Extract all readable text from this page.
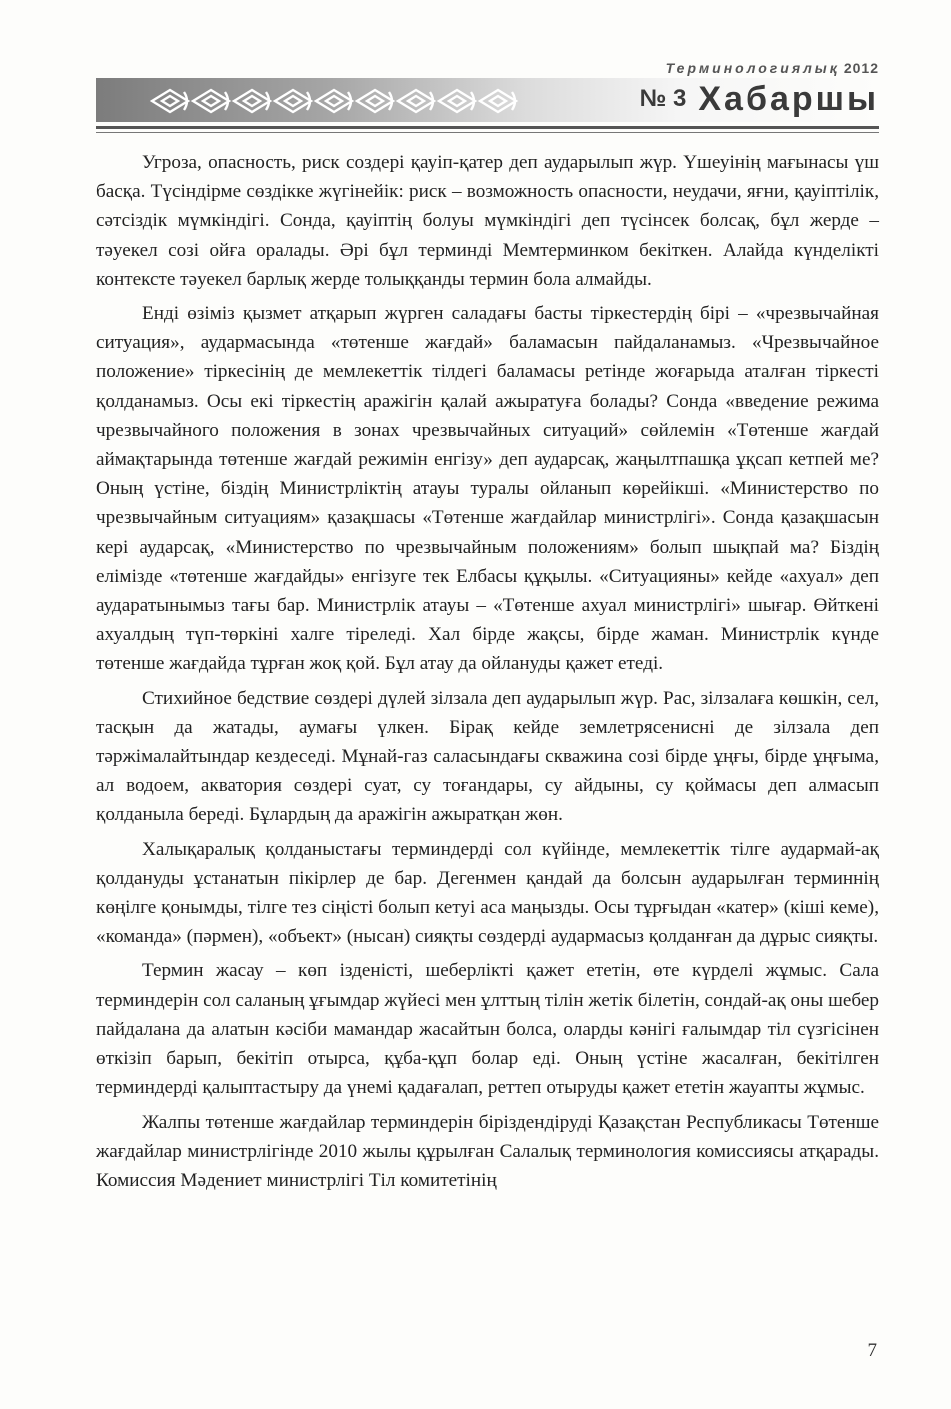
Терминологиялық 2012
№ 3 Хабаршы

Угроза, опасность, риск создері қауіп-қатер деп аударылып жүр. Үшеуінің мағынасы үш басқа. Түсіндірме сөздікке жүгінейік: риск – возможность опасности, неудачи, яғни, қауіптілік, сәтсіздік мүмкіндігі. Сонда, қауіптің болуы мүмкіндігі деп түсінсек болсақ, бұл жерде – тәуекел созі ойға оралады. Әрі бұл терминді Мемтерминком бекіткен. Алайда күнделікті контекстe тәуекел барлық жердe толыққанды термин бола алмайды.

Енді өзіміз қызмет атқарып жүрген саладағы басты тіркестердің бірі – «чрезвычайная ситуация», аудармасында «төтенше жағдай» баламасын пайдаланамыз. «Чрезвычайное положение» тіркесінің де мемлекеттік тілдегі баламасы ретінде жоғарыда аталған тіркесті қолданамыз. Осы екі тіркестің аражігін қалай ажыратуға болады? Сонда «введение режима чрезвычайного положения в зонах чрезвычайных ситуаций» сөйлемін «Төтенше жағдай аймақтарында төтенше жағдай режимін енгізу» деп аударсақ, жаңылтпашқа ұқсап кетпей ме? Оның үстіне, біздің Министрліктің атауы туралы ойланып көрейікші. «Министерство по чрезвычайным ситуациям» қазақшасы «Төтенше жағдайлар министрлігі». Сонда қазақшасын кері аударсақ, «Министерство по чрезвычайным положениям» болып шықпай ма? Біздің еліміздe «төтенше жағдайды» енгізуге тек Елбасы құқылы. «Ситуацияны» кейде «ахуал» деп аударатынымыз тағы бар. Министрлік атауы – «Төтенше ахуал министрлігі» шығар. Өйткені ахуалдың түп-төркіні халге тіреледі. Хал бірде жақсы, бірде жаман. Министрлік күнде төтенше жағдайда тұрған жоқ қой. Бұл атау да ойлануды қажет етеді.

Стихийное бедствие сөздері дүлей зілзала деп аударылып жүр. Рас, зілзалаға көшкін, сел, тасқын да жатады, аумағы үлкен. Бірақ кейде землетрясенисні де зілзала деп тәржімалайтындар кездеседі. Мұнай-газ саласындағы скважина созі бірде ұңғы, бірде ұңғыма, ал водоем, акватория сөздері суат, су тоғандары, су айдыны, су қоймасы деп алмасып қолданыла береді. Бұлардың да аражігін ажыратқан жөн.

Халықаралық қолданыстағы терминдерді сол күйінде, мемлекеттік тілге аудармай-ақ қолдануды ұстанатын пікірлер де бар. Дегенмен қандай да болсын аударылған терминнің көңілге қонымды, тілге тез сіңісті болып кетуі аса маңызды. Осы тұрғыдан «катер» (кіші кеме), «команда» (пәрмен), «объект» (нысан) сияқты сөздерді аудармасыз қолданған да дұрыс сияқты.

Термин жасау – көп ізденісті, шеберлікті қажет ететін, өте күрделі жұмыс. Сала терминдерін сол саланың ұғымдар жүйесі мен ұлттың тілін жетік білетін, сондай-ақ оны шебер пайдалана да алатын кәсіби мамандар жасайтын болса, оларды кәнігі ғалымдар тіл сүзгісінен өткізіп барып, бекітіп отырса, құба-құп болар еді. Оның үстіне жасалған, бекітілген терминдерді қалыптастыру да үнемі қадағалап, реттеп отыруды қажет ететін жауапты жұмыс.

Жалпы төтенше жағдайлар терминдерін біріздендіруді Қазақстан Республикасы Төтенше жағдайлар министрлігінде 2010 жылы құрылған Салалық терминология комиссиясы атқарады. Комиссия Мәдениет министрлігі Тіл комитетінің

7
